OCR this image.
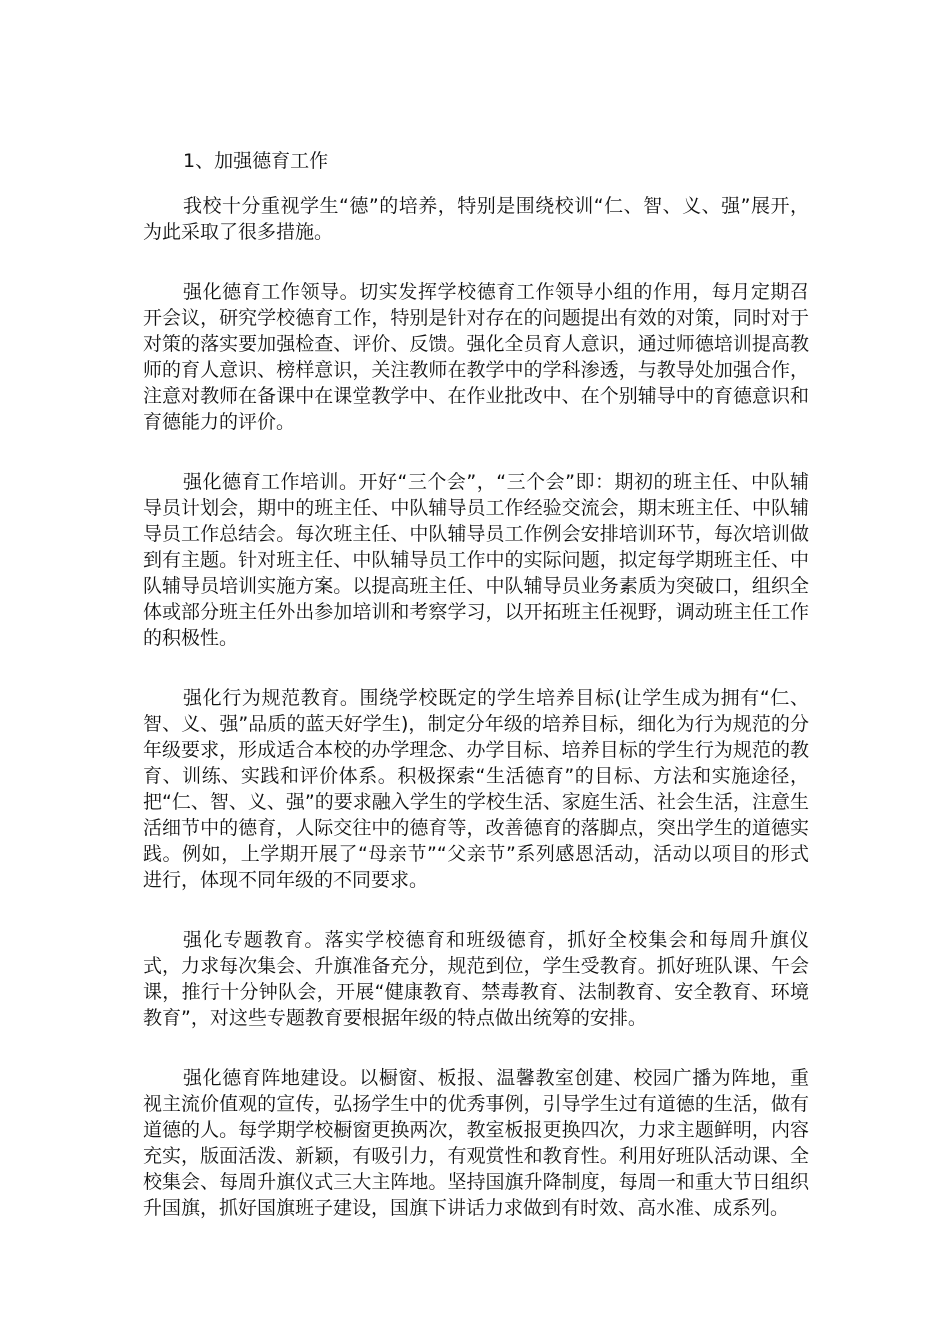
1、加强德育工作

我校十分重视学生“德”的培养，特别是围绕校训“仁、智、义、强”展开，为此采取了很多措施。

强化德育工作领导。切实发挥学校德育工作领导小组的作用，每月定期召开会议，研究学校德育工作，特别是针对存在的问题提出有效的对策，同时对于对策的落实要加强检查、评价、反馈。强化全员育人意识，通过师德培训提高教师的育人意识、榜样意识，关注教师在教学中的学科渗透，与教导处加强合作，注意对教师在备课中在课堂教学中、在作业批改中、在个别辅导中的育德意识和育德能力的评价。

强化德育工作培训。开好“三个会”，“三个会”即：期初的班主任、中队辅导员计划会，期中的班主任、中队辅导员工作经验交流会，期末班主任、中队辅导员工作总结会。每次班主任、中队辅导员工作例会安排培训环节，每次培训做到有主题。针对班主任、中队辅导员工作中的实际问题，拟定每学期班主任、中队辅导员培训实施方案。以提高班主任、中队辅导员业务素质为突破口，组织全体或部分班主任外出参加培训和考察学习，以开拓班主任视野，调动班主任工作的积极性。

强化行为规范教育。围绕学校既定的学生培养目标(让学生成为拥有“仁、智、义、强”品质的蓝天好学生)，制定分年级的培养目标，细化为行为规范的分年级要求，形成适合本校的办学理念、办学目标、培养目标的学生行为规范的教育、训练、实践和评价体系。积极探索“生活德育”的目标、方法和实施途径，把“仁、智、义、强”的要求融入学生的学校生活、家庭生活、社会生活，注意生活细节中的德育，人际交往中的德育等，改善德育的落脚点，突出学生的道德实践。例如，上学期开展了“母亲节”“父亲节”系列感恩活动，活动以项目的形式进行，体现不同年级的不同要求。

强化专题教育。落实学校德育和班级德育，抓好全校集会和每周升旗仪式，力求每次集会、升旗准备充分，规范到位，学生受教育。抓好班队课、午会课，推行十分钟队会，开展“健康教育、禁毒教育、法制教育、安全教育、环境教育”，对这些专题教育要根据年级的特点做出统筹的安排。

强化德育阵地建设。以橱窗、板报、温馨教室创建、校园广播为阵地，重视主流价值观的宣传，弘扬学生中的优秀事例，引导学生过有道德的生活，做有道德的人。每学期学校橱窗更换两次，教室板报更换四次，力求主题鲜明，内容充实，版面活泼、新颖，有吸引力，有观赏性和教育性。利用好班队活动课、全校集会、每周升旗仪式三大主阵地。坚持国旗升降制度，每周一和重大节日组织升国旗，抓好国旗班子建设，国旗下讲话力求做到有时效、高水准、成系列。
